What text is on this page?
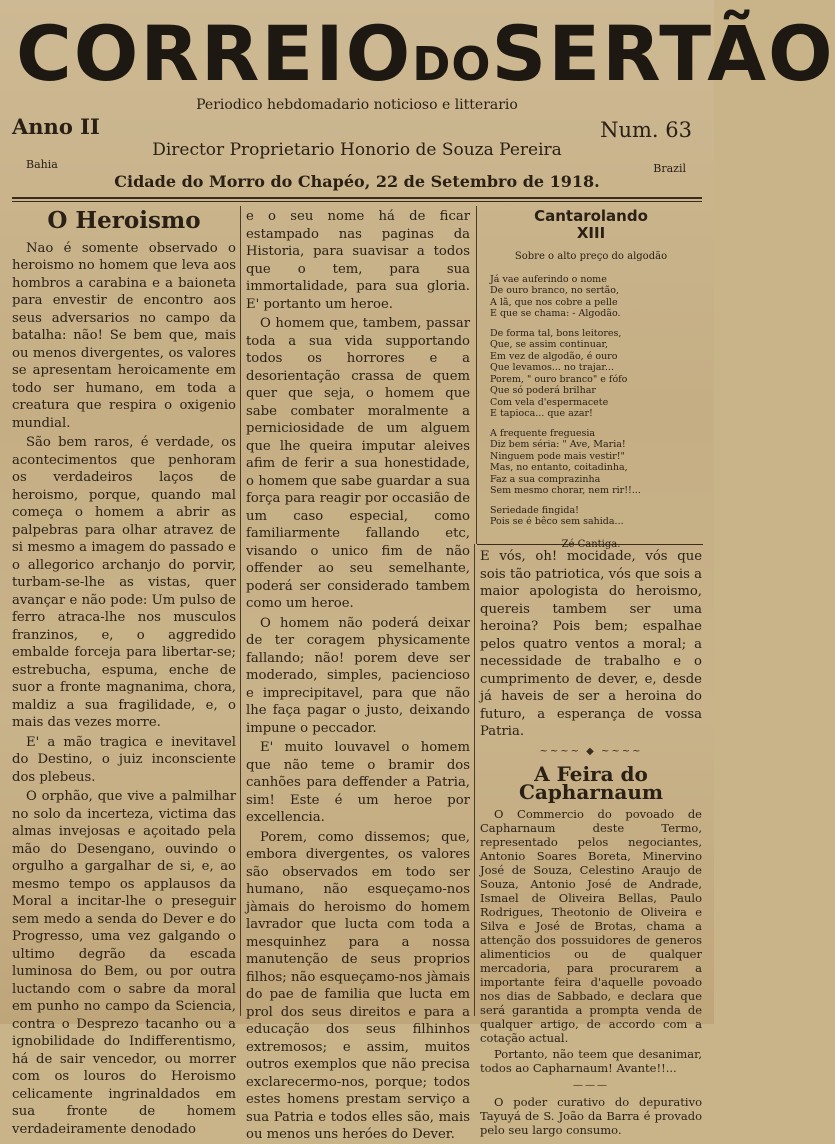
CORREIODOSERTÃO
Periodico hebdomadario noticioso e litterario
Anno II	Num. 63
Director Proprietario Honorio de Souza Pereira
Bahia	Brazil
Cidade do Morro do Chapéo, 22 de Setembro de 1918.
O Heroismo

Nao é somente observado o heroismo no homem que leva aos hombros a carabina e a baioneta para envestir de encontro aos seus adversarios no campo da batalha: não! Se bem que, mais ou menos divergentes, os valores se apresentam heroicamente em todo ser humano, em toda a creatura que respira o oxigenio mundial.

São bem raros, é verdade, os acontecimentos que penhoram os verdadeiros laços de heroismo, porque, quando mal começa o homem a abrir as palpebras para olhar atravez de si mesmo a imagem do passado e o allegorico archanjo do porvir, turbam-se-lhe as vistas, quer avançar e não pode: Um pulso de ferro atraca-lhe nos musculos franzinos, e, o aggredido embalde forceja para libertar-se; estrebucha, espuma, enche de suor a fronte magnanima, chora, maldiz a sua fragilidade, e, o mais das vezes morre.

E' a mão tragica e inevitavel do Destino, o juiz inconsciente dos plebeus.

O orphão, que vive a palmilhar no solo da incerteza, victima das almas invejosas e açoitado pela mão do Desengano, ouvindo o orgulho a gargalhar de si, e, ao mesmo tempo os applausos da Moral a incitar-lhe o preseguir sem medo a senda do Dever e do Progresso, uma vez galgando o ultimo degrão da escada luminosa do Bem, ou por outra luctando com o sabre da moral em punho no campo da Sciencia, contra o Desprezo tacanho ou a ignobilidade do Indifferentismo, há de sair vencedor, ou morrer com os louros do Heroismo celicamente ingrinaldados em sua fronte de homem verdadeiramente denodado

e o seu nome há de ficar estampado nas paginas da Historia, para suavisar a todos que o tem, para sua immortalidade, para sua gloria. E' portanto um heroe.

O homem que, tambem, passar toda a sua vida supportando todos os horrores e a desorientação crassa de quem quer que seja, o homem que sabe combater moralmente a perniciosidade de um alguem que lhe queira imputar aleives afim de ferir a sua honestidade, o homem que sabe guardar a sua força para reagir por occasião de um caso especial, como familiarmente fallando etc, visando o unico fim de não offender ao seu semelhante, poderá ser considerado tambem como um heroe.

O homem não poderá deixar de ter coragem physicamente fallando; não! porem deve ser moderado, simples, paciencioso e imprecipitavel, para que não lhe faça pagar o justo, deixando impune o peccador.

E' muito louvavel o homem que não teme o bramir dos canhões para deffender a Patria, sim! Este é um heroe por excellencia.

Porem, como dissemos; que, embora divergentes, os valores são observados em todo ser humano, não esqueçamo-nos jàmais do heroismo do homem lavrador que lucta com toda a mesquinhez para a nossa manutenção de seus proprios filhos; não esqueçamo-nos jàmais do pae de familia que lucta em prol dos seus direitos e para a educação dos seus filhinhos extremosos; e assim, muitos outros exemplos que não precisa exclarecermo-nos, porque; todos estes homens prestam serviço a sua Patria e todos elles são, mais ou menos uns heróes do Dever.

Cantarolando
XIII
Sobre o alto preço do algodão
Já vae auferindo o nome
De ouro branco, no sertão,
A lã, que nos cobre a pelle
E que se chama: - Algodão.
De forma tal, bons leitores,
Que, se assim continuar,
Em vez de algodão, é ouro
Que levamos... no trajar...
Porem, " ouro branco" e fófo
Que só poderá brilhar
Com vela d'espermacete
E tapioca... que azar!
A frequente freguesia
Diz bem séria: " Ave, Maria!
Ninguem pode mais vestir!"
Mas, no entanto, coitadinha,
Faz a sua comprazinha
Sem mesmo chorar, nem rir!!...
Seriedade fingida!
Pois se é bêco sem sahida...
Zé Cantiga.

E vós, oh! mocidade, vós que sois tão patriotica, vós que sois a maior apologista do heroismo, quereis tambem ser uma heroina? Pois bem; espalhae pelos quatro ventos a moral; a necessidade de trabalho e o cumprimento de dever, e, desde já haveis de ser a heroina do futuro, a esperança de vossa Patria.

~~~~ ◆ ~~~~
A Feira do Capharnaum

O Commercio do povoado de Capharnaum deste Termo, representado pelos negociantes, Antonio Soares Boreta, Minervino José de Souza, Celestino Araujo de Souza, Antonio José de Andrade, Ismael de Oliveira Bellas, Paulo Rodrigues, Theotonio de Oliveira e Silva e José de Brotas, chama a attenção dos possuidores de generos alimenticios ou de qualquer mercadoria, para procurarem a importante feira d'aquelle povoado nos dias de Sabbado, e declara que será garantida a prompta venda de qualquer artigo, de accordo com a cotação actual.

Portanto, não teem que desanimar, todos ao Capharnaum! Avante!!...

———

O poder curativo do depurativo Tayuyá de S. João da Barra é provado pelo seu largo consumo.
